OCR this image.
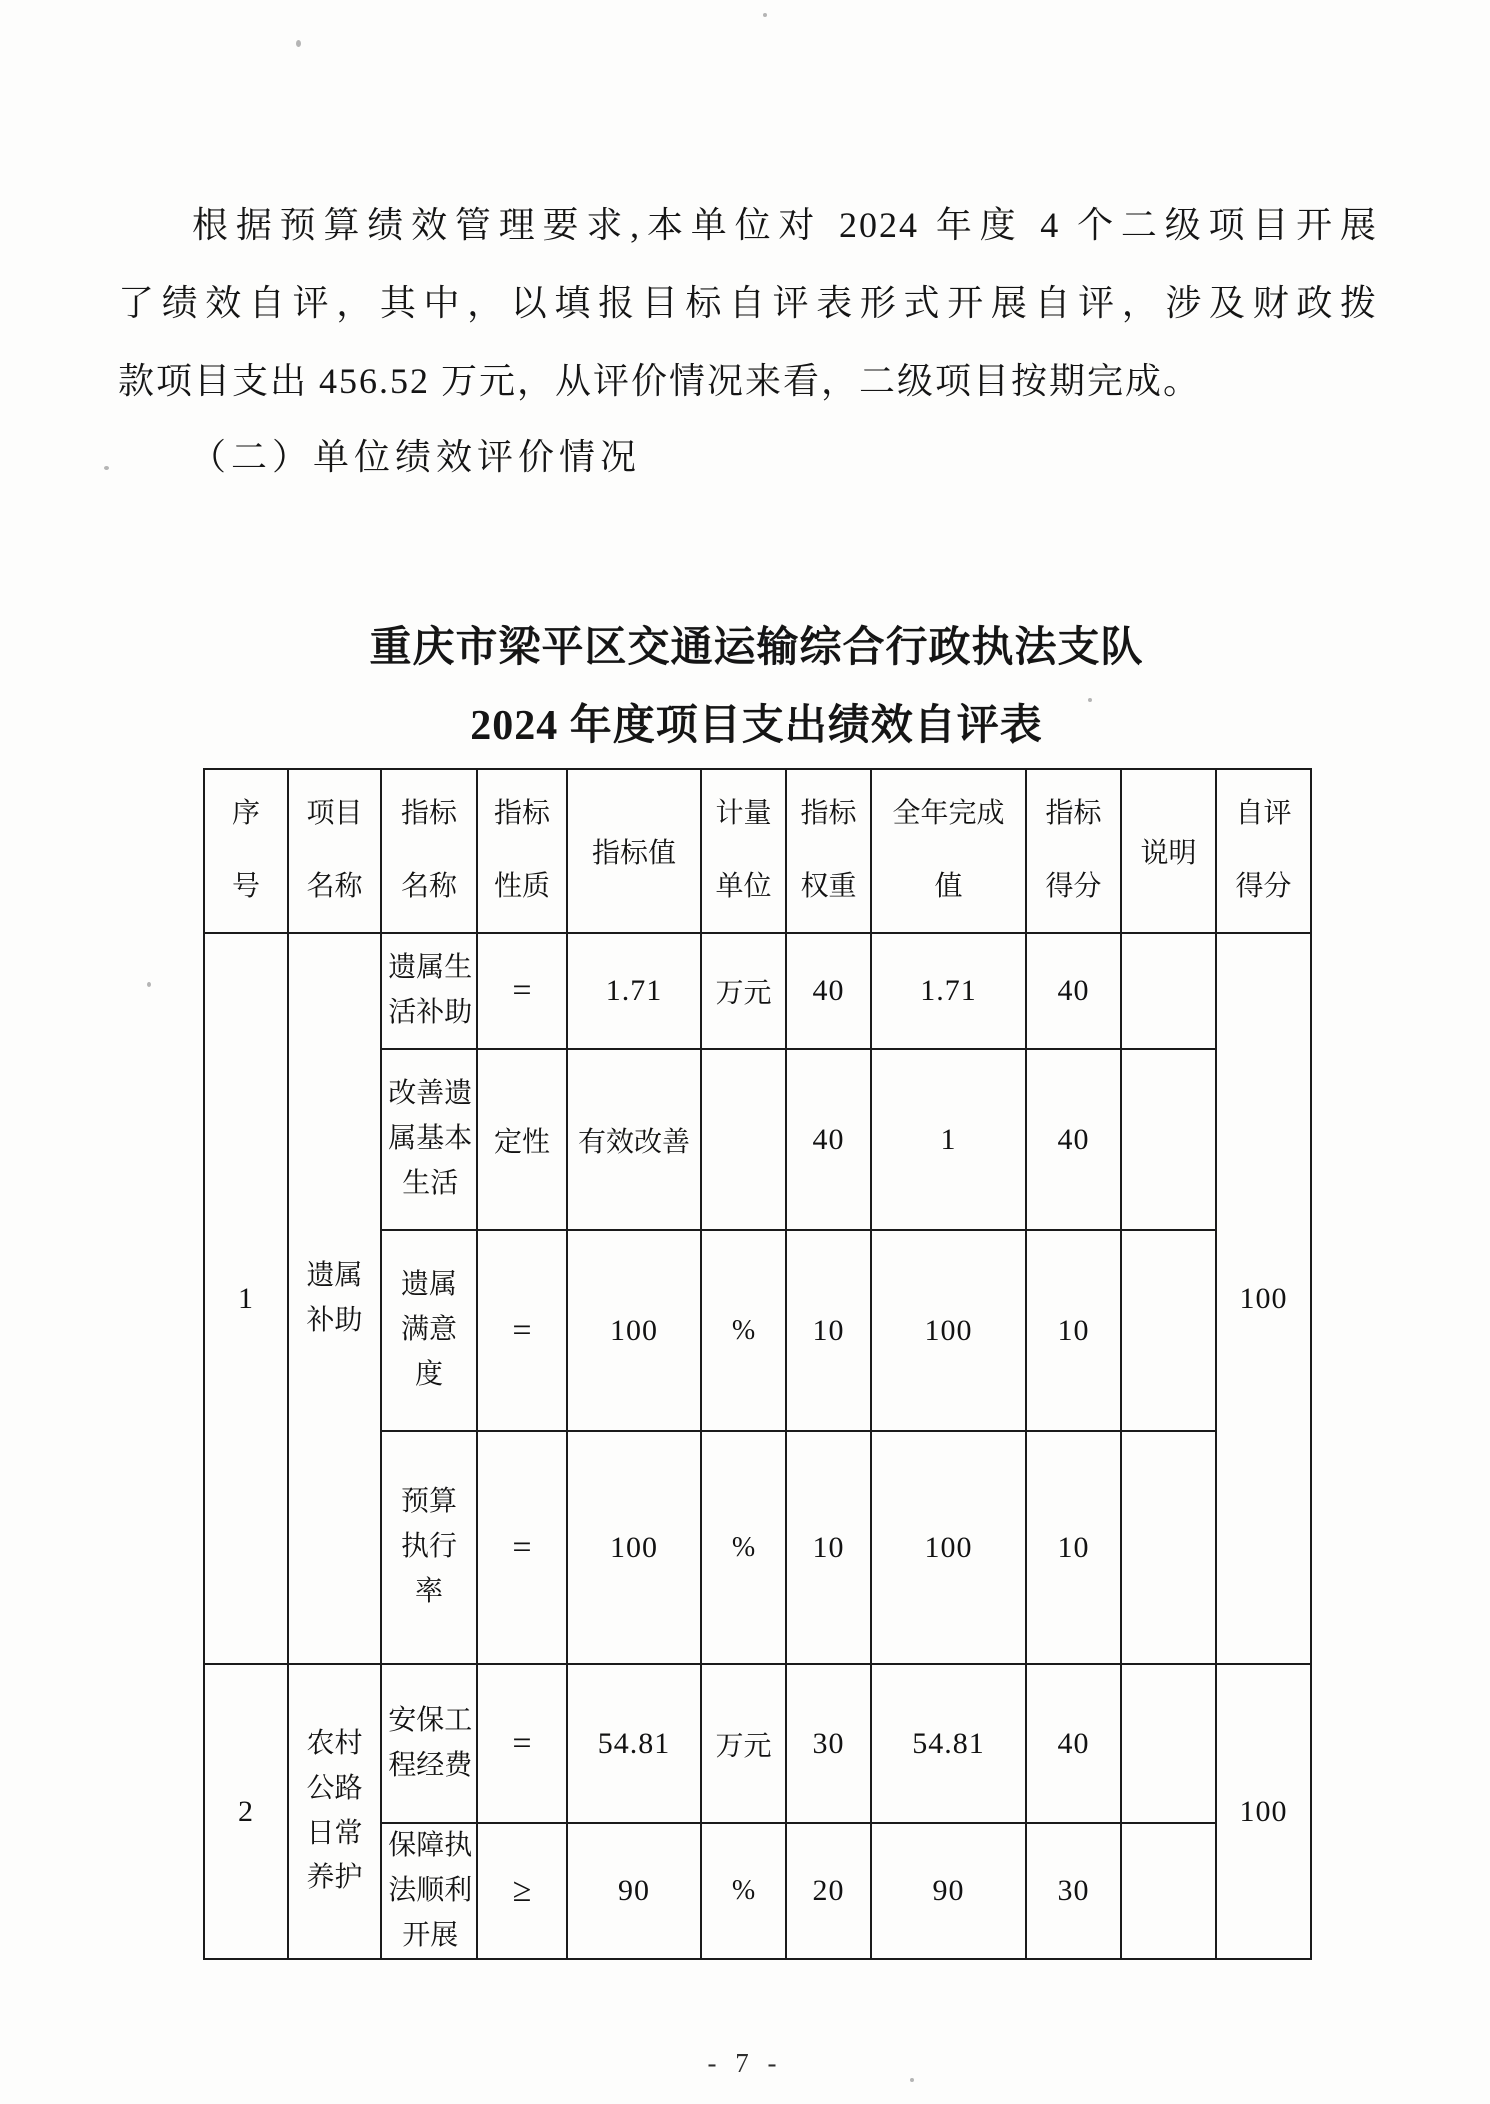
根据预算绩效管理要求,本单位对 2024 年度 4 个二级项目开展
了绩效自评，其中，以填报目标自评表形式开展自评，涉及财政拨
款项目支出 456.52 万元，从评价情况来看，二级项目按期完成。
（二）单位绩效评价情况
重庆市梁平区交通运输综合行政执法支队
2024 年度项目支出绩效自评表
序号	项目名称	指标名称	指标性质	指标值	计量单位	指标权重	全年完成值	指标得分	说明	自评得分
1	遗属补助	遗属生活补助	=	1.71	万元	40	1.71	40		100
		改善遗属基本生活	定性	有效改善		40	1	40		
		遗属满意度	=	100	%	10	100	10		
		预算执行率	=	100	%	10	100	10		
2	农村公路日常养护	安保工程经费	=	54.81	万元	30	54.81	40		100
		保障执法顺利开展	≥	90	%	20	90	30		
- 7 -
